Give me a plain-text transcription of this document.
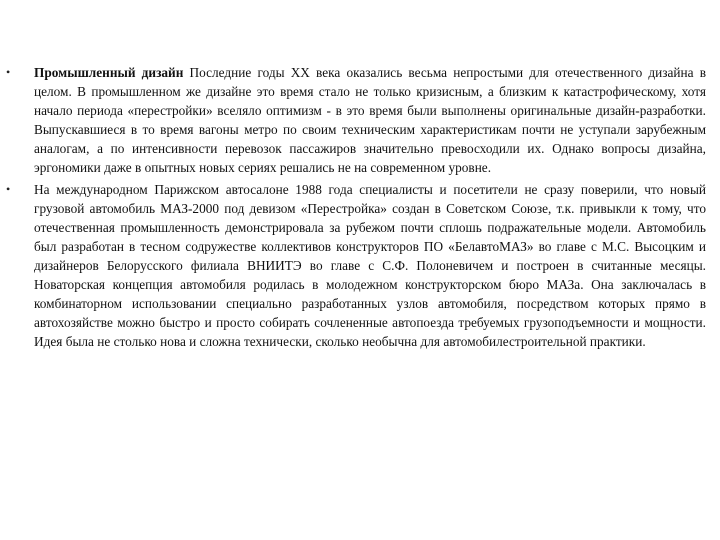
• Промышленный дизайн Последние годы XX века оказались весьма непростыми для отечественного дизайна в целом. В промышленном же дизайне это время стало не только кризисным, а близким к катастрофическому, хотя начало периода «перестройки» вселяло оптимизм - в это время были выполнены оригинальные дизайн-разработки. Выпускавшиеся в то время вагоны метро по своим техническим характеристикам почти не уступали зарубежным аналогам, а по интенсивности перевозок пассажиров значительно превосходили их. Однако вопросы дизайна, эргономики даже в опытных новых сериях решались не на современном уровне.
• На международном Парижском автосалоне 1988 года специалисты и посетители не сразу поверили, что новый грузовой автомобиль МАЗ-2000 под девизом «Перестройка» создан в Советском Союзе, т.к. привыкли к тому, что отечественная промышленность демонстрировала за рубежом почти сплошь подражательные модели. Автомобиль был разработан в тесном содружестве коллективов конструкторов ПО «БелавтоМАЗ» во главе с М.С. Высоцким и дизайнеров Белорусского филиала ВНИИТЭ во главе с С.Ф. Полоневичем и построен в считанные месяцы. Новаторская концепция автомобиля родилась в молодежном конструкторском бюро МАЗа. Она заключалась в комбинаторном использовании специально разработанных узлов автомобиля, посредством которых прямо в автохозяйстве можно быстро и просто собирать сочлененные автопоезда требуемых грузоподъемности и мощности. Идея была не столько нова и сложна технически, сколько необычна для автомобилестроительной практики.
